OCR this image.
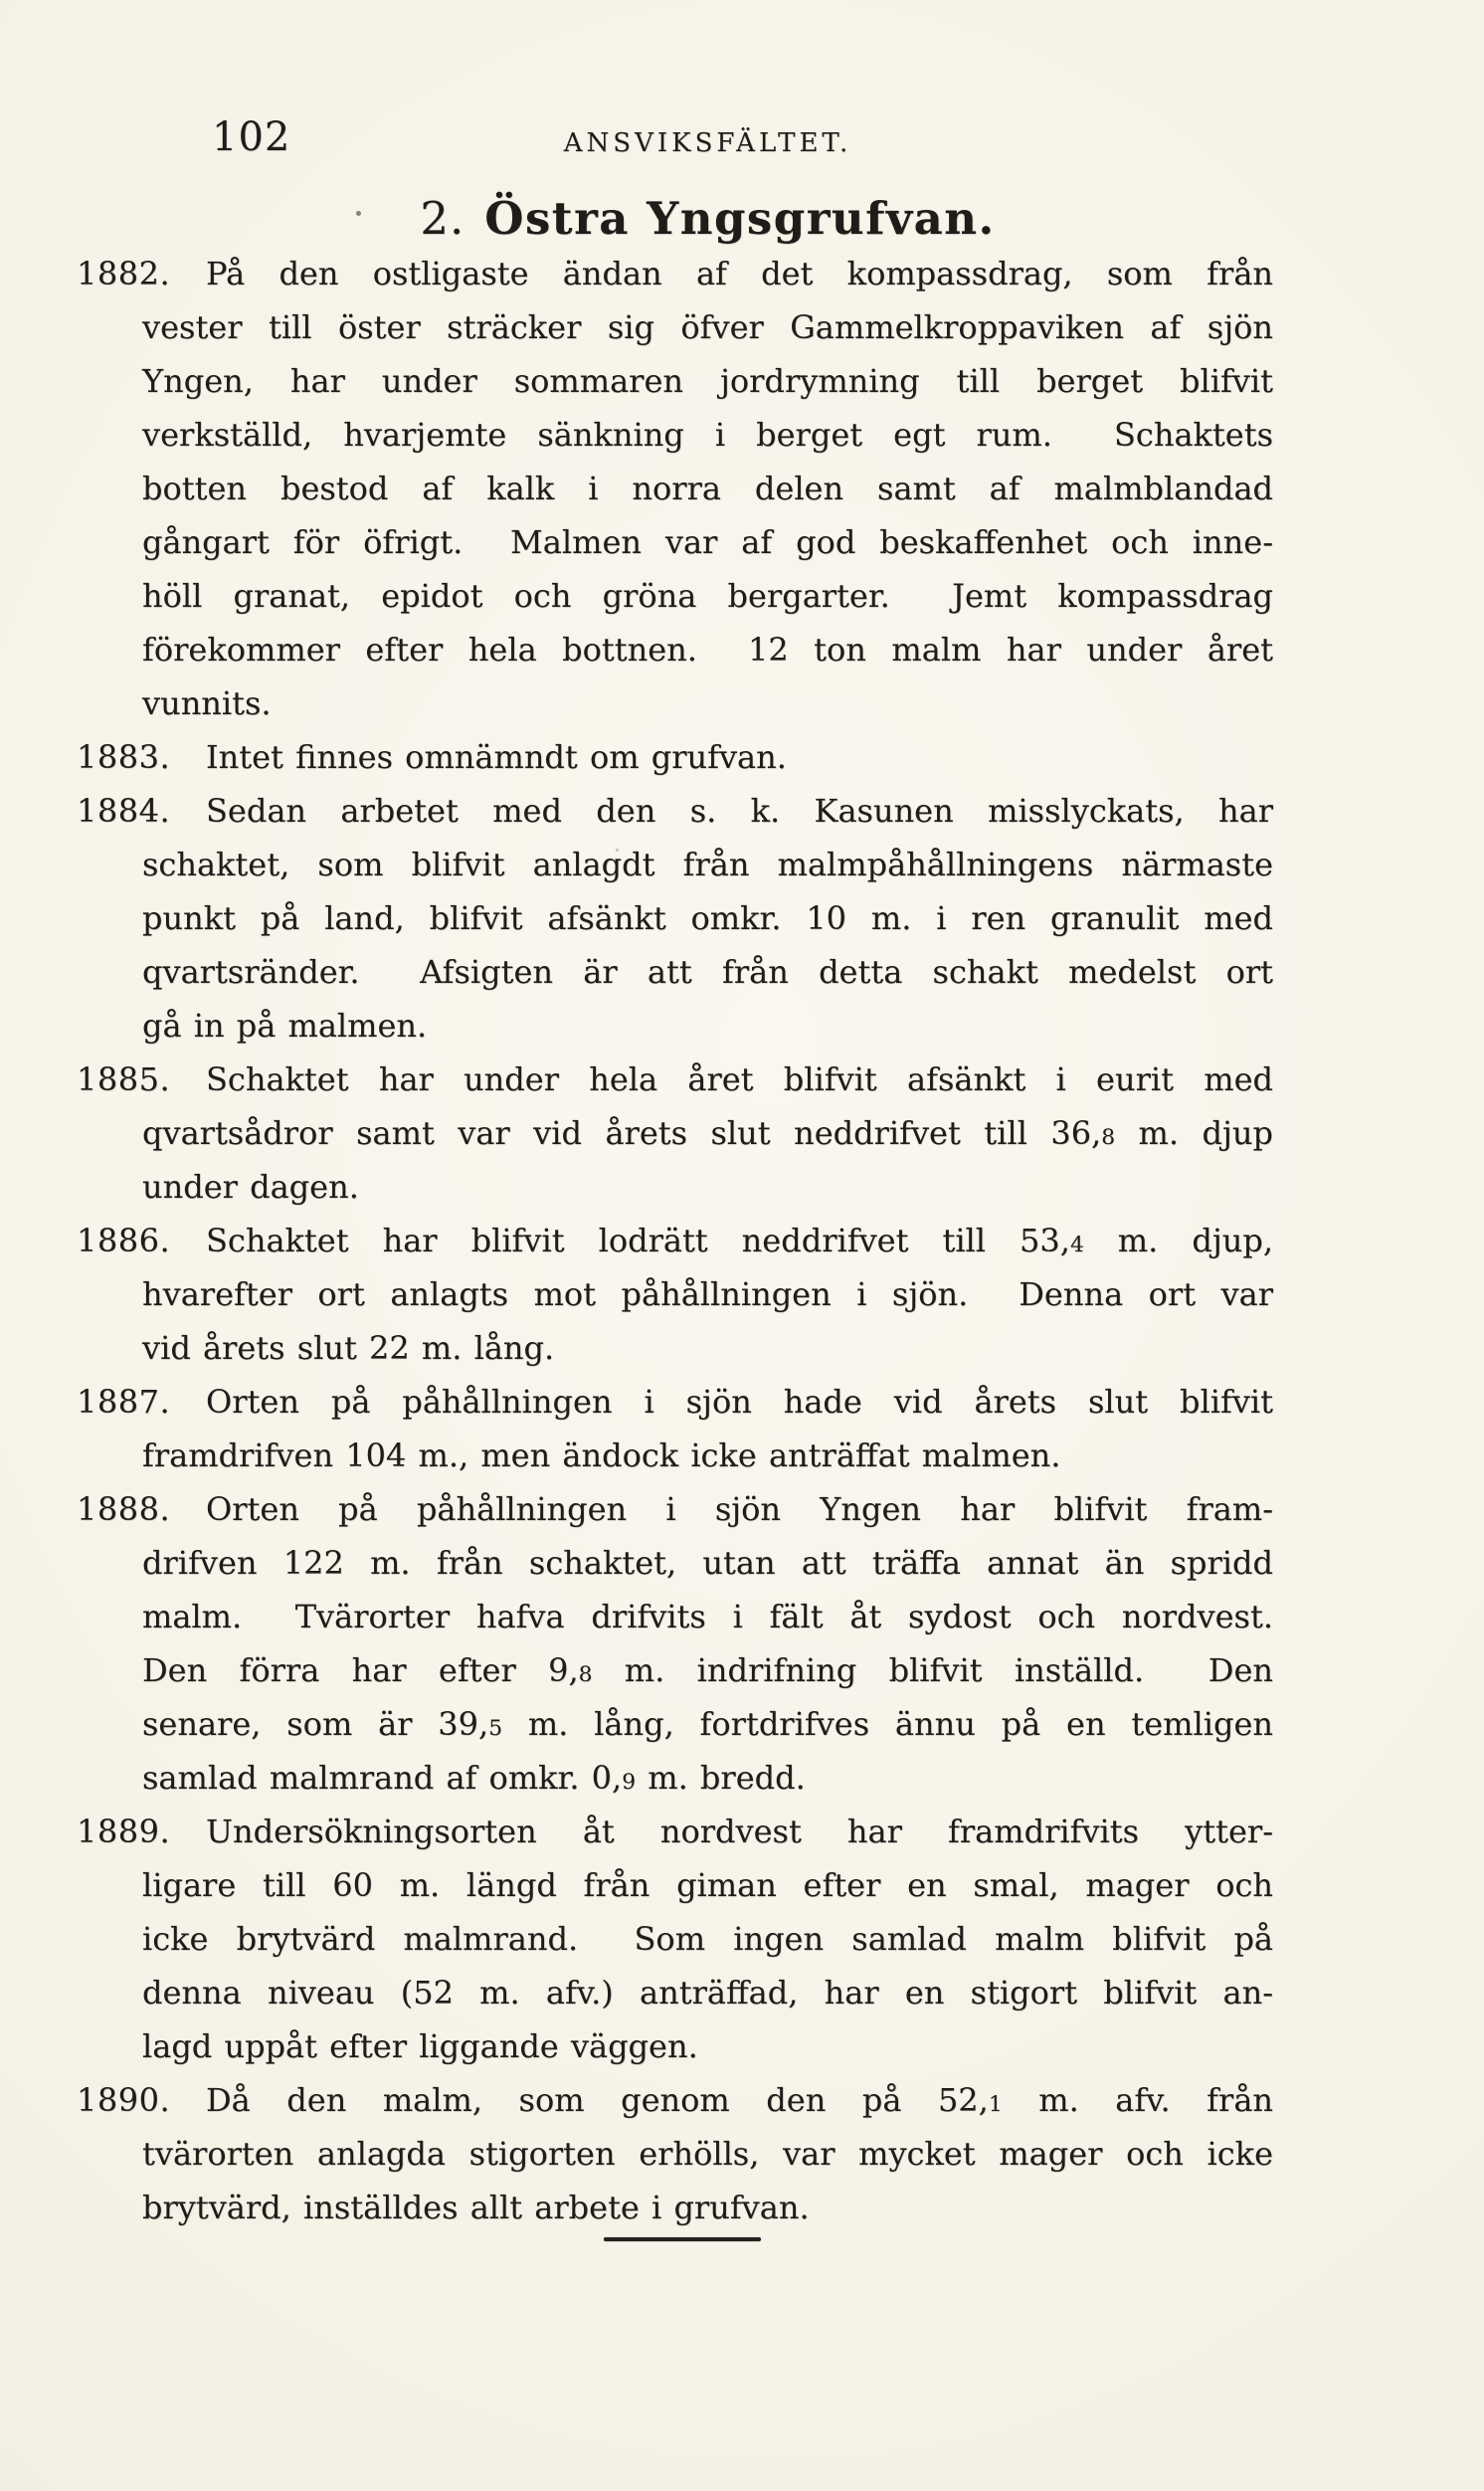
102	ANSVIKSFÄLTET.
2. Östra Yngsgrufvan.
1882.	På den ostligaste ändan af det kompassdrag, som från
vester till öster sträcker sig öfver Gammelkroppaviken af sjön
Yngen, har under sommaren jordrymning till berget blifvit
verkställd, hvarjemte sänkning i berget egt rum.  Schaktets
botten bestod af kalk i norra delen samt af malmblandad
gångart för öfrigt.  Malmen var af god beskaffenhet och inne-
höll granat, epidot och gröna bergarter.  Jemt kompassdrag
förekommer efter hela bottnen.  12 ton malm har under året
vunnits.
1883.	Intet finnes omnämndt om grufvan.
1884.	Sedan arbetet med den s. k. Kasunen misslyckats, har
schaktet, som blifvit anlagdt från malmpåhållningens närmaste
punkt på land, blifvit afsänkt omkr. 10 m. i ren granulit med
qvartsränder.  Afsigten är att från detta schakt medelst ort
gå in på malmen.
1885.	Schaktet har under hela året blifvit afsänkt i eurit med
qvartsådror samt var vid årets slut neddrifvet till 36,8 m. djup
under dagen.
1886.	Schaktet har blifvit lodrätt neddrifvet till 53,4 m. djup,
hvarefter ort anlagts mot påhållningen i sjön.  Denna ort var
vid årets slut 22 m. lång.
1887.	Orten på påhållningen i sjön hade vid årets slut blifvit
framdrifven 104 m., men ändock icke anträffat malmen.
1888.	Orten på påhållningen i sjön Yngen har blifvit fram-
drifven 122 m. från schaktet, utan att träffa annat än spridd
malm.  Tvärorter hafva drifvits i fält åt sydost och nordvest.
Den förra har efter 9,8 m. indrifning blifvit inställd.  Den
senare, som är 39,5 m. lång, fortdrifves ännu på en temligen
samlad malmrand af omkr. 0,9 m. bredd.
1889.	Undersökningsorten åt nordvest har framdrifvits ytter-
ligare till 60 m. längd från giman efter en smal, mager och
icke brytvärd malmrand.  Som ingen samlad malm blifvit på
denna niveau (52 m. afv.) anträffad, har en stigort blifvit an-
lagd uppåt efter liggande väggen.
1890.	Då den malm, som genom den på 52,1 m. afv. från
tvärorten anlagda stigorten erhölls, var mycket mager och icke
brytvärd, inställdes allt arbete i grufvan.
